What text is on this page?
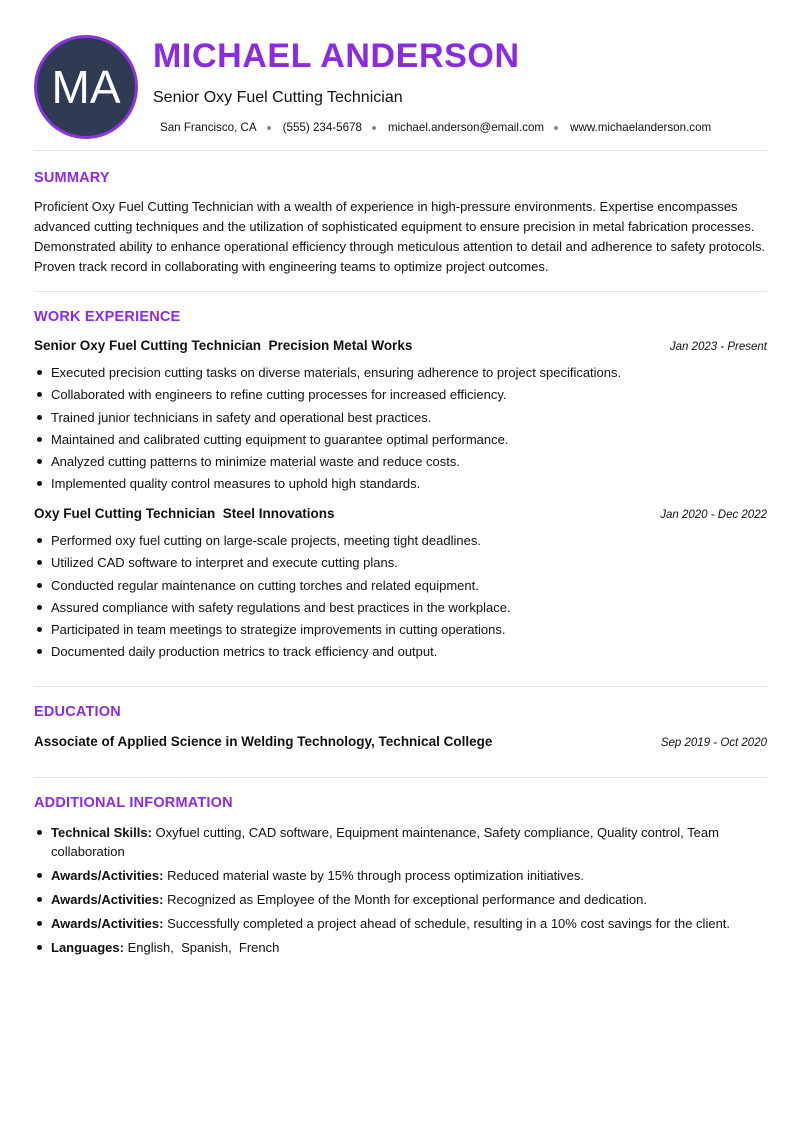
MA
MICHAEL ANDERSON
Senior Oxy Fuel Cutting Technician
San Francisco, CA (555) 234-5678 michael.anderson@email.com www.michaelanderson.com
SUMMARY

Proficient Oxy Fuel Cutting Technician with a wealth of experience in high-pressure environments. Expertise encompasses advanced cutting techniques and the utilization of sophisticated equipment to ensure precision in metal fabrication processes. Demonstrated ability to enhance operational efficiency through meticulous attention to detail and adherence to safety protocols. Proven track record in collaborating with engineering teams to optimize project outcomes.

WORK EXPERIENCE
Senior Oxy Fuel Cutting Technician  Precision Metal Works	Jan 2023 - Present
Executed precision cutting tasks on diverse materials, ensuring adherence to project specifications.
Collaborated with engineers to refine cutting processes for increased efficiency.
Trained junior technicians in safety and operational best practices.
Maintained and calibrated cutting equipment to guarantee optimal performance.
Analyzed cutting patterns to minimize material waste and reduce costs.
Implemented quality control measures to uphold high standards.
Oxy Fuel Cutting Technician  Steel Innovations	Jan 2020 - Dec 2022
Performed oxy fuel cutting on large-scale projects, meeting tight deadlines.
Utilized CAD software to interpret and execute cutting plans.
Conducted regular maintenance on cutting torches and related equipment.
Assured compliance with safety regulations and best practices in the workplace.
Participated in team meetings to strategize improvements in cutting operations.
Documented daily production metrics to track efficiency and output.
EDUCATION
Associate of Applied Science in Welding Technology, Technical College	Sep 2019 - Oct 2020
ADDITIONAL INFORMATION
Technical Skills: Oxyfuel cutting, CAD software, Equipment maintenance, Safety compliance, Quality control, Team collaboration
Awards/Activities: Reduced material waste by 15% through process optimization initiatives.
Awards/Activities: Recognized as Employee of the Month for exceptional performance and dedication.
Awards/Activities: Successfully completed a project ahead of schedule, resulting in a 10% cost savings for the client.
Languages: English , Spanish , French
